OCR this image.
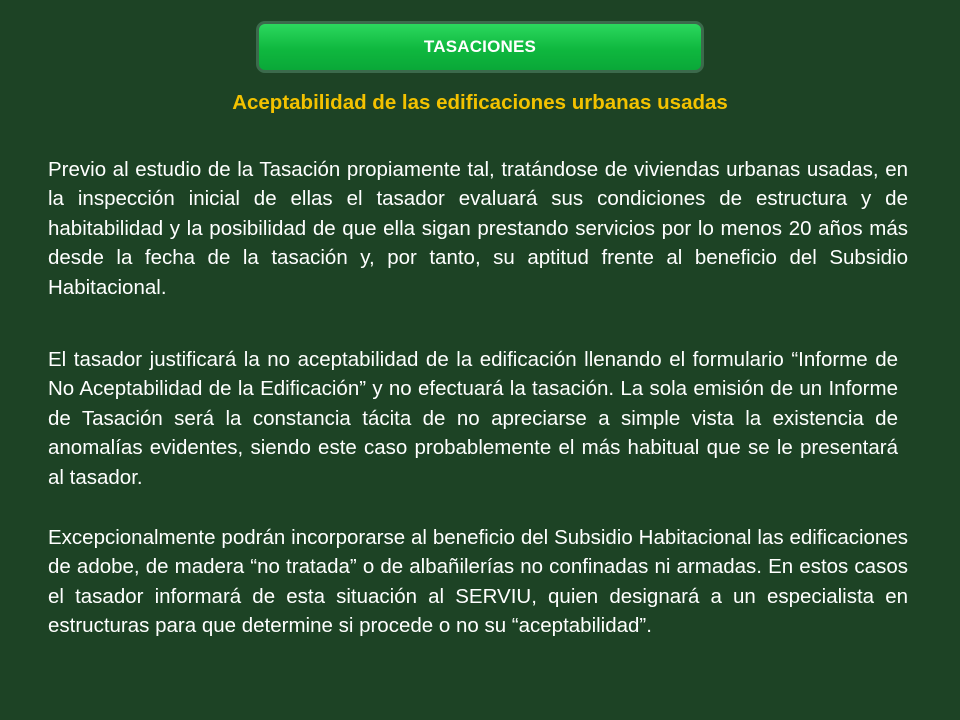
TASACIONES
Aceptabilidad de las edificaciones urbanas usadas

Previo al estudio de la Tasación propiamente tal, tratándose de viviendas urbanas usadas, en la inspección inicial de ellas el tasador evaluará sus condiciones de estructura y de habitabilidad y la posibilidad de que ella sigan prestando servicios por lo menos 20 años más desde la fecha de la tasación y, por tanto, su aptitud frente al beneficio del Subsidio Habitacional.

El tasador justificará la no aceptabilidad de la edificación llenando el formulario “Informe de No Aceptabilidad de la Edificación” y no efectuará la tasación. La sola emisión de un Informe de Tasación será la constancia tácita de no apreciarse a simple vista la existencia de anomalías evidentes, siendo este caso probablemente el más habitual que se le presentará al tasador.

Excepcionalmente podrán incorporarse al beneficio del Subsidio Habitacional las edificaciones de adobe, de madera “no tratada” o de albañilerías no confinadas ni armadas. En estos casos el tasador informará de esta situación al SERVIU, quien designará a un especialista en estructuras para que determine si procede o no su “aceptabilidad”.
